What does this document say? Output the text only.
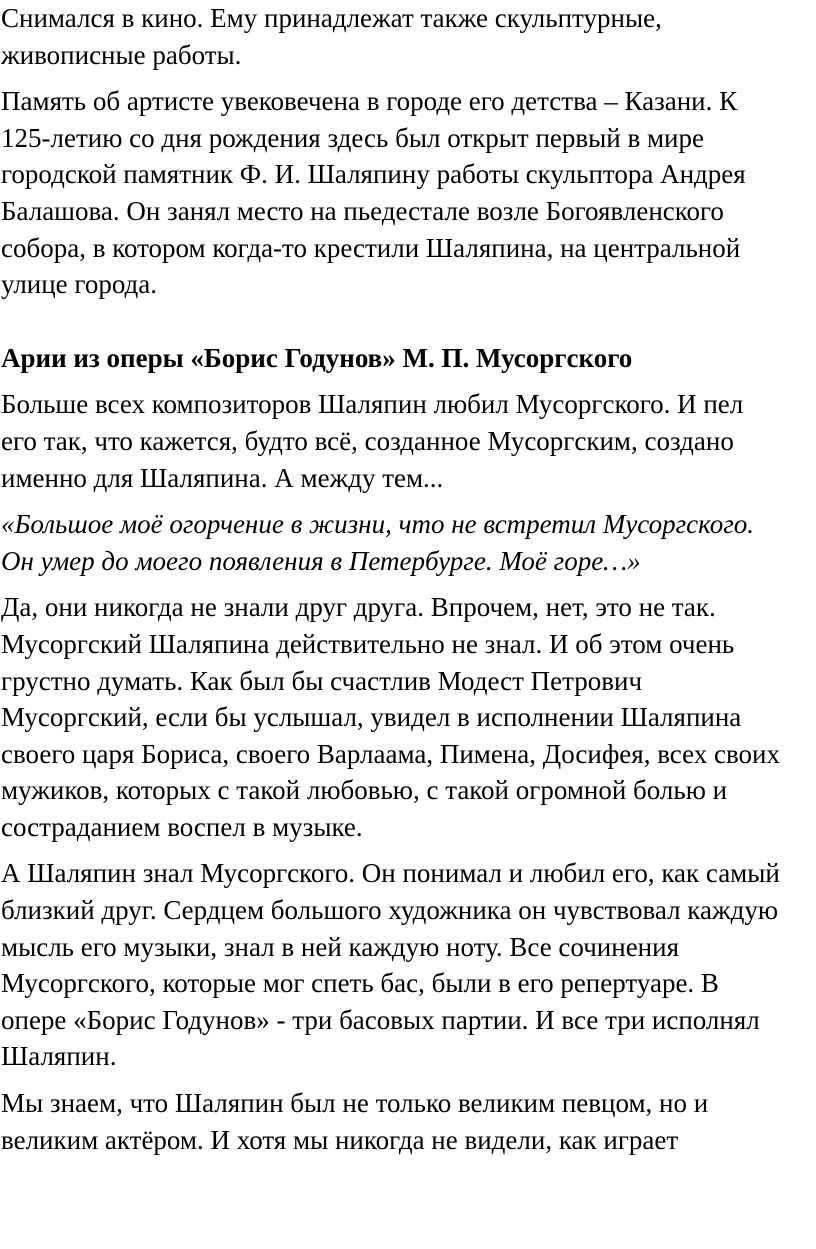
Снимался в кино. Ему принадлежат также скульптурные,
живописные работы.

Память об артисте увековечена в городе его детства – Казани. К
125-летию со дня рождения здесь был открыт первый в мире
городской памятник Ф. И. Шаляпину работы скульптора Андрея
Балашова. Он занял место на пьедестале возле Богоявленского
собора, в котором когда-то крестили Шаляпина, на центральной
улице города.

Арии из оперы «Борис Годунов» М. П. Мусоргского

Больше всех композиторов Шаляпин любил Мусоргского. И пел
его так, что кажется, будто всё, созданное Мусоргским, создано
именно для Шаляпина. А между тем...

«Большое моё огорчение в жизни, что не встретил Мусоргского.
Он умер до моего появления в Петербурге. Моё горе…»

Да, они никогда не знали друг друга. Впрочем, нет, это не так.
Мусоргский Шаляпина действительно не знал. И об этом очень
грустно думать. Как был бы счастлив Модест Петрович
Мусоргский, если бы услышал, увидел в исполнении Шаляпина
своего царя Бориса, своего Варлаама, Пимена, Досифея, всех своих
мужиков, которых с такой любовью, с такой огромной болью и
состраданием воспел в музыке.

А Шаляпин знал Мусоргского. Он понимал и любил его, как самый
близкий друг. Сердцем большого художника он чувствовал каждую
мысль его музыки, знал в ней каждую ноту. Все сочинения
Мусоргского, которые мог спеть бас, были в его репертуаре. В
опере «Борис Годунов» - три басовых партии. И все три исполнял
Шаляпин.

Мы знаем, что Шаляпин был не только великим певцом, но и
великим актёром. И хотя мы никогда не видели, как играет
